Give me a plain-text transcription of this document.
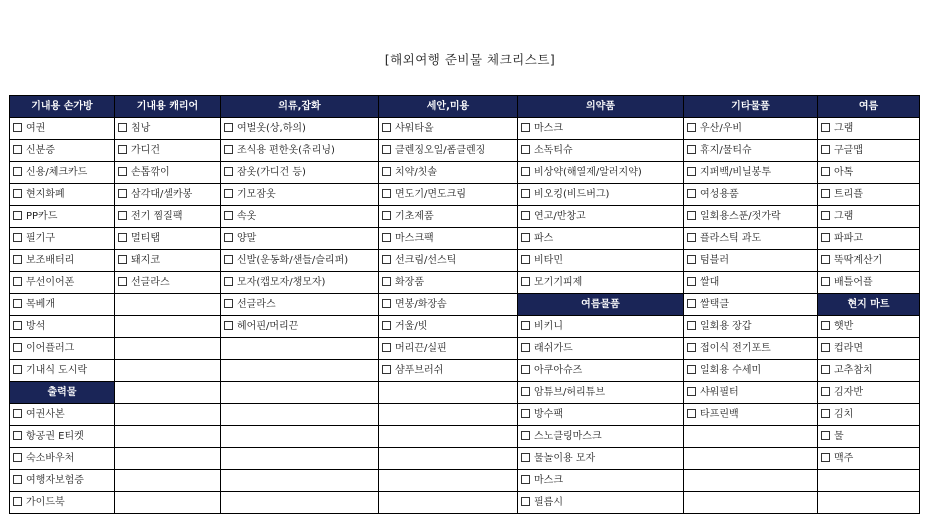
[해외여행 준비물 체크리스트]
기내용 손가방	기내용 캐리어	의류,잡화	세안,미용	의약품	기타물품	여름
여권	침낭	여벌옷(상,하의)	샤워타올	마스크	우산/우비	그램
신분증	가디건	조식용 편한옷(츄리닝)	클렌징오일/폼클렌징	소독티슈	휴지/물티슈	구글맵
신용/체크카드	손톱깎이	잠옷(가디건 등)	치약/칫솔	비상약(해열제/알러지약)	지퍼백/비닐봉투	아톡
현지화폐	삼각대/셀카봉	기모잠옷	면도기/면도크림	비오킹(비드버그)	여성용품	트리플
PP카드	전기 찜질팩	속옷	기초제품	연고/반창고	일회용스푼/젓가락	그램
필기구	멀티탭	양말	마스크팩	파스	플라스틱 과도	파파고
보조배터리	돼지코	신발(운동화/샌들/슬리퍼)	선크림/선스틱	비타민	텀블러	뚝딱계산기
무선이어폰	선글라스	모자(캡모자/챙모자)	화장품	모기기피제	쌀대	배틀어플
목베개		선글라스	면봉/화장솜	여름물품	쌀택클	현지 마트
방석		헤어핀/머리끈	거울/빗	비키니	일회용 장갑	햇반
이어플러그			머리끈/실핀	래쉬가드	접이식 전기포트	컵라면
기내식 도시락			샴푸브러쉬	아쿠아슈즈	일회용 수세미	고추참치
출력물				암튜브/허리튜브	샤워필터	김자반
여권사본				방수팩	타프린백	김치
항공권 E티켓				스노클링마스크		물
숙소바우처				물놀이용 모자		맥주
여행자보험증				마스크		
가이드북				필름시		
